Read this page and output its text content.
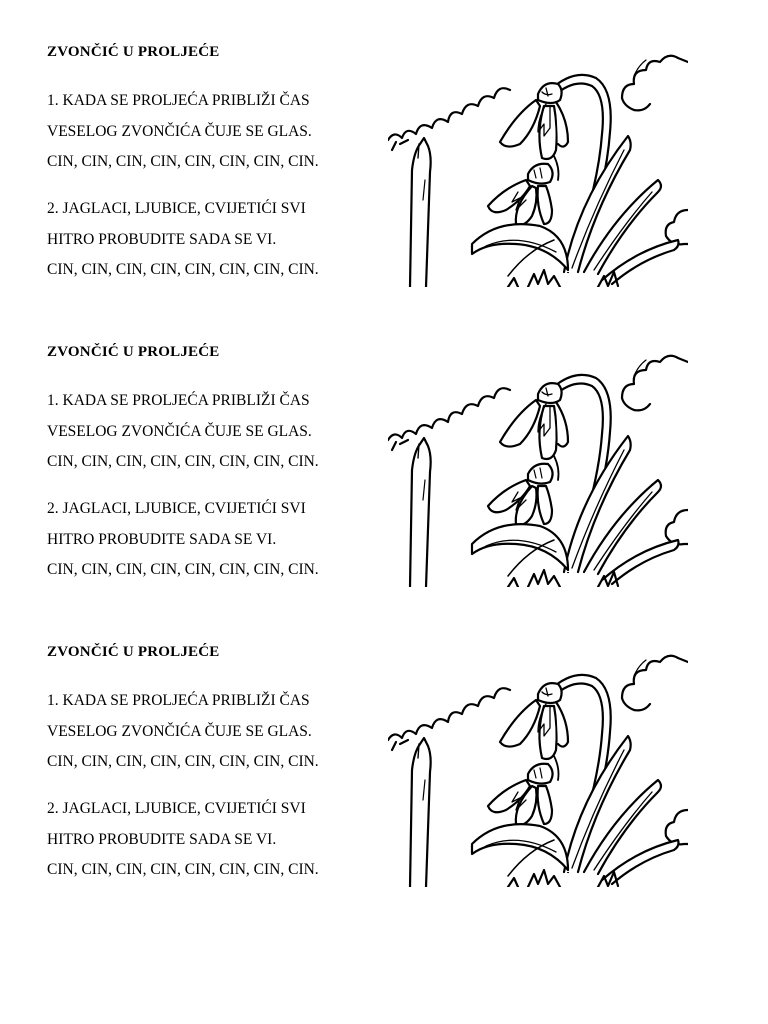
ZVONČIĆ U PROLJEĆE
1. KADA SE PROLJEĆA PRIBLIŽI ČAS
VESELOG ZVONČIĆA ČUJE SE GLAS.
CIN, CIN, CIN, CIN, CIN, CIN, CIN, CIN.
2. JAGLACI, LJUBICE, CVIJETIĆI SVI
HITRO PROBUDITE SADA SE VI.
CIN, CIN, CIN, CIN, CIN, CIN, CIN, CIN.
ZVONČIĆ U PROLJEĆE
1. KADA SE PROLJEĆA PRIBLIŽI ČAS
VESELOG ZVONČIĆA ČUJE SE GLAS.
CIN, CIN, CIN, CIN, CIN, CIN, CIN, CIN.
2. JAGLACI, LJUBICE, CVIJETIĆI SVI
HITRO PROBUDITE SADA SE VI.
CIN, CIN, CIN, CIN, CIN, CIN, CIN, CIN.
ZVONČIĆ U PROLJEĆE
1. KADA SE PROLJEĆA PRIBLIŽI ČAS
VESELOG ZVONČIĆA ČUJE SE GLAS.
CIN, CIN, CIN, CIN, CIN, CIN, CIN, CIN.
2. JAGLACI, LJUBICE, CVIJETIĆI SVI
HITRO PROBUDITE SADA SE VI.
CIN, CIN, CIN, CIN, CIN, CIN, CIN, CIN.
